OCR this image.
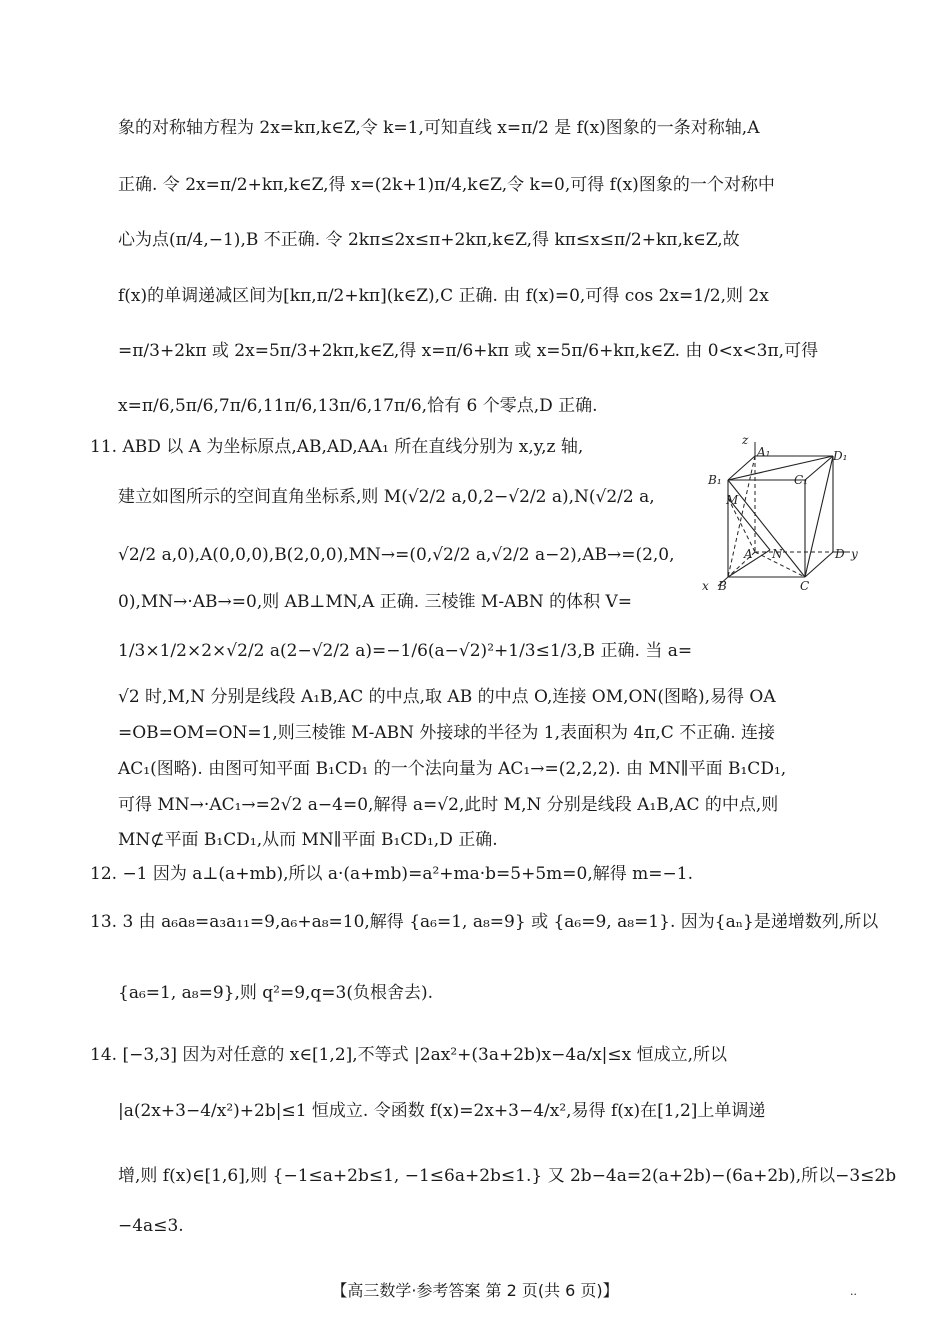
象的对称轴方程为 2x=kπ,k∈Z,令 k=1,可知直线 x=π/2 是 f(x)图象的一条对称轴,A
正确. 令 2x=π/2+kπ,k∈Z,得 x=(2k+1)π/4,k∈Z,令 k=0,可得 f(x)图象的一个对称中
心为点(π/4,−1),B 不正确. 令 2kπ≤2x≤π+2kπ,k∈Z,得 kπ≤x≤π/2+kπ,k∈Z,故
f(x)的单调递减区间为[kπ,π/2+kπ](k∈Z),C 正确. 由 f(x)=0,可得 cos 2x=1/2,则 2x
=π/3+2kπ 或 2x=5π/3+2kπ,k∈Z,得 x=π/6+kπ 或 x=5π/6+kπ,k∈Z. 由 0<x<3π,可得
x=π/6,5π/6,7π/6,11π/6,13π/6,17π/6,恰有 6 个零点,D 正确.
11. ABD 以 A 为坐标原点,AB,AD,AA₁ 所在直线分别为 x,y,z 轴,
建立如图所示的空间直角坐标系,则 M(√2/2 a,0,2−√2/2 a),N(√2/2 a,
√2/2 a,0),A(0,0,0),B(2,0,0),MN→=(0,√2/2 a,√2/2 a−2),AB→=(2,0,
0),MN→·AB→=0,则 AB⊥MN,A 正确. 三棱锥 M-ABN 的体积 V=
1/3×1/2×2×√2/2 a(2−√2/2 a)=−1/6(a−√2)²+1/3≤1/3,B 正确. 当 a=
√2 时,M,N 分别是线段 A₁B,AC 的中点,取 AB 的中点 O,连接 OM,ON(图略),易得 OA
=OB=OM=ON=1,则三棱锥 M-ABN 外接球的半径为 1,表面积为 4π,C 不正确. 连接
AC₁(图略). 由图可知平面 B₁CD₁ 的一个法向量为 AC₁→=(2,2,2). 由 MN∥平面 B₁CD₁,
可得 MN→·AC₁→=2√2 a−4=0,解得 a=√2,此时 M,N 分别是线段 A₁B,AC 的中点,则
MN⊄平面 B₁CD₁,从而 MN∥平面 B₁CD₁,D 正确.
12. −1 因为 a⊥(a+mb),所以 a·(a+mb)=a²+ma·b=5+5m=0,解得 m=−1.
13. 3 由 a₆a₈=a₃a₁₁=9,a₆+a₈=10,解得 {a₆=1, a₈=9} 或 {a₆=9, a₈=1}. 因为{aₙ}是递增数列,所以
{a₆=1, a₈=9},则 q²=9,q=3(负根舍去).
14. [−3,3] 因为对任意的 x∈[1,2],不等式 |2ax²+(3a+2b)x−4a/x|≤x 恒成立,所以
|a(2x+3−4/x²)+2b|≤1 恒成立. 令函数 f(x)=2x+3−4/x²,易得 f(x)在[1,2]上单调递
增,则 f(x)∈[1,6],则 {−1≤a+2b≤1, −1≤6a+2b≤1.} 又 2b−4a=2(a+2b)−(6a+2b),所以−3≤2b
−4a≤3.
z
A₁	D₁
B₁	C₁
M
A N	D y
x B	C
【高三数学·参考答案 第 2 页(共 6 页)】	··
